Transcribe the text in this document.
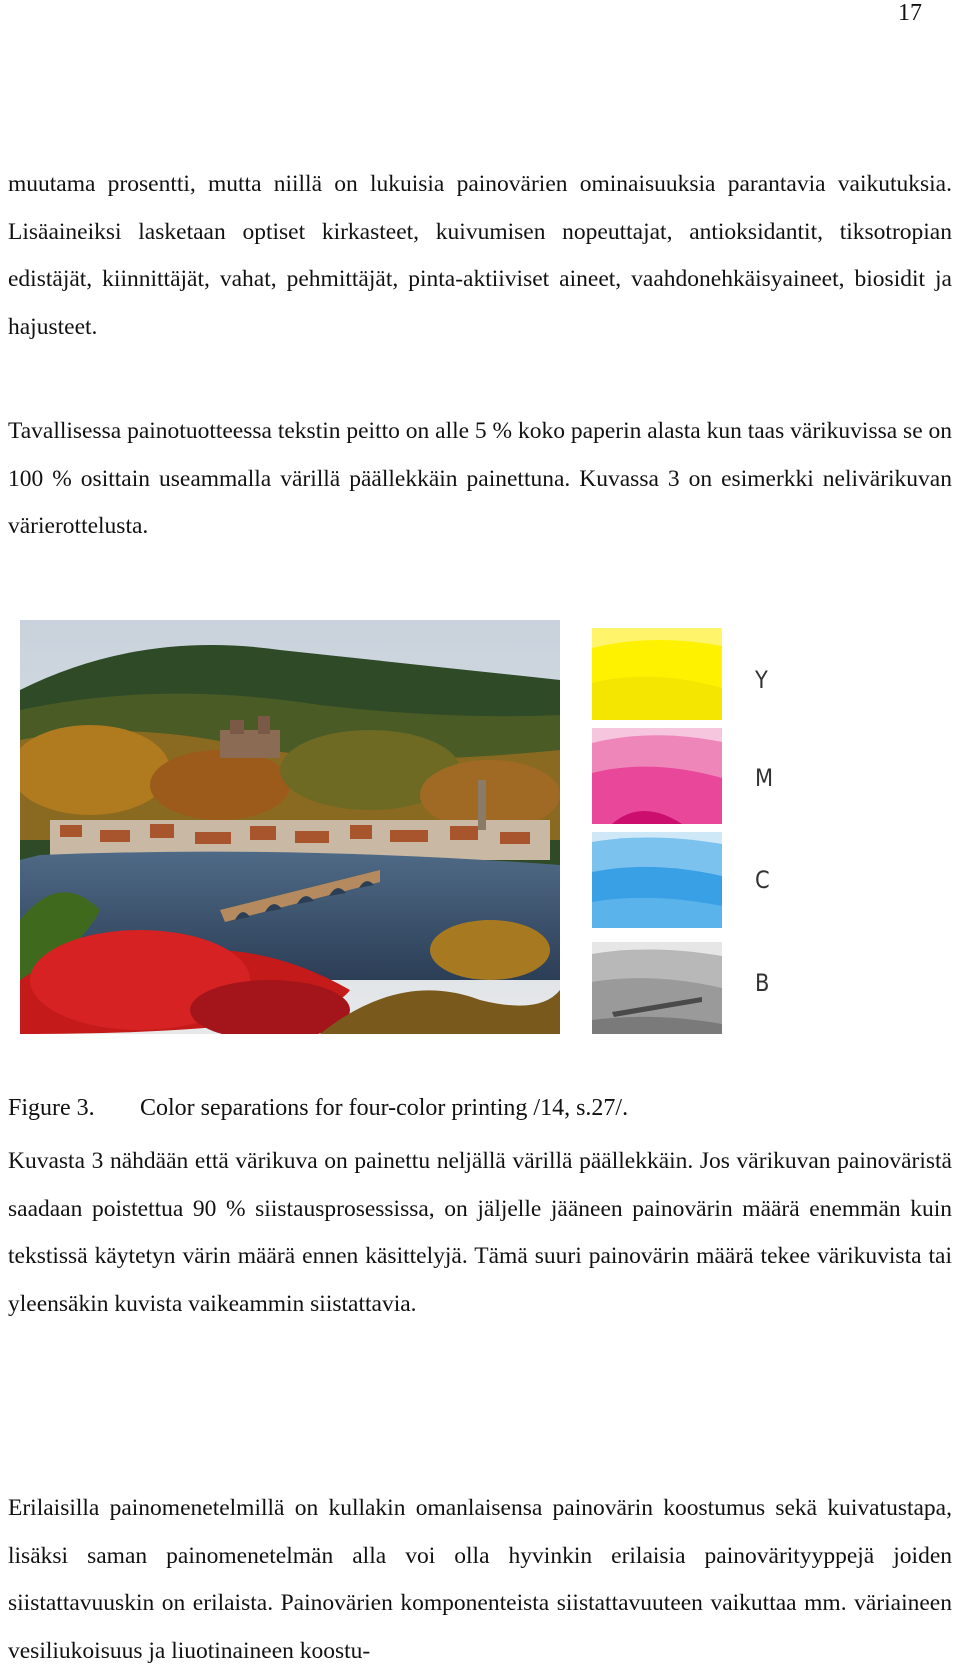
17

muutama prosentti, mutta niillä on lukuisia painovärien ominaisuuksia parantavia vaikutuksia. Lisäaineiksi lasketaan optiset kirkasteet, kuivumisen nopeuttajat, antioksidantit, tiksotropian edistäjät, kiinnittäjät, vahat, pehmittäjät, pinta-aktiiviset aineet, vaahdonehkäisyaineet, biosidit ja hajusteet.

Tavallisessa painotuotteessa tekstin peitto on alle 5 % koko paperin alasta kun taas värikuvissa se on 100 % osittain useammalla värillä päällekkäin painettuna. Kuvassa 3 on esimerkki nelivärikuvan värierottelusta.

Y
M
C
B
Figure 3. Color separations for four-color printing /14, s.27/.

Kuvasta 3 nähdään että värikuva on painettu neljällä värillä päällekkäin. Jos värikuvan painoväristä saadaan poistettua 90 % siistausprosessissa, on jäljelle jääneen painovärin määrä enemmän kuin tekstissä käytetyn värin määrä ennen käsittelyjä. Tämä suuri painovärin määrä tekee värikuvista tai yleensäkin kuvista vaikeammin siistattavia.

Erilaisilla painomenetelmillä on kullakin omanlaisensa painovärin koostumus sekä kuivatustapa, lisäksi saman painomenetelmän alla voi olla hyvinkin erilaisia painovärityyppejä joiden siistattavuuskin on erilaista. Painovärien komponenteista siistattavuuteen vaikuttaa mm. väriaineen vesiliukoisuus ja liuotinaineen koostu-
